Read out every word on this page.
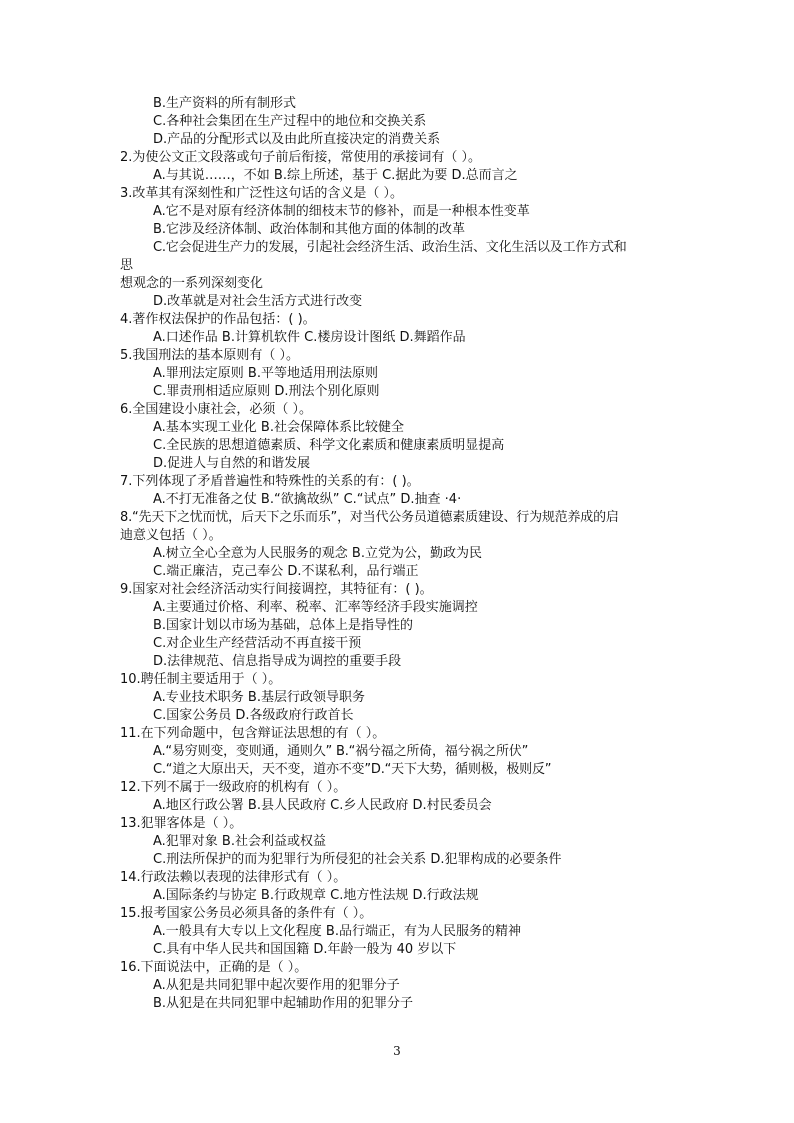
B.生产资料的所有制形式
C.各种社会集团在生产过程中的地位和交换关系
D.产品的分配形式以及由此所直接决定的消费关系
2.为使公文正文段落或句子前后衔接，常使用的承接词有（ ）。
A.与其说……，不如 B.综上所述，基于 C.据此为要 D.总而言之
3.改革其有深刻性和广泛性这句话的含义是（ ）。
A.它不是对原有经济体制的细枝末节的修补，而是一种根本性变革
B.它涉及经济体制、政治体制和其他方面的体制的改革
C.它会促进生产力的发展，引起社会经济生活、政治生活、文化生活以及工作方式和
思
想观念的一系列深刻变化
D.改革就是对社会生活方式进行改变
4.著作权法保护的作品包括：( )。
A.口述作品 B.计算机软件 C.楼房设计图纸 D.舞蹈作品
5.我国刑法的基本原则有（ ）。
A.罪刑法定原则 B.平等地适用刑法原则
C.罪责刑相适应原则 D.刑法个别化原则
6.全国建设小康社会，必须（ ）。
A.基本实现工业化 B.社会保障体系比较健全
C.全民族的思想道德素质、科学文化素质和健康素质明显提高
D.促进人与自然的和谐发展
7.下列体现了矛盾普遍性和特殊性的关系的有：( )。
A.不打无准备之仗 B.“欲擒故纵” C.“试点” D.抽查 ·4·
8.“先天下之忧而忧，后天下之乐而乐”，对当代公务员道德素质建设、行为规范养成的启
迪意义包括（ ）。
A.树立全心全意为人民服务的观念 B.立党为公，勤政为民
C.端正廉洁，克己奉公 D.不谋私利，品行端正
9.国家对社会经济活动实行间接调控，其特征有：( )。
A.主要通过价格、利率、税率、汇率等经济手段实施调控
B.国家计划以市场为基础，总体上是指导性的
C.对企业生产经营活动不再直接干预
D.法律规范、信息指导成为调控的重要手段
10.聘任制主要适用于（ ）。
A.专业技术职务 B.基层行政领导职务
C.国家公务员 D.各级政府行政首长
11.在下列命题中，包含辩证法思想的有（ ）。
A.“易穷则变，变则通，通则久” B.“祸兮福之所倚，福兮祸之所伏”
C.“道之大原出天，天不变，道亦不变”D.“天下大势，循则极，极则反”
12.下列不属于一级政府的机构有（ ）。
A.地区行政公署 B.县人民政府 C.乡人民政府 D.村民委员会
13.犯罪客体是（ ）。
A.犯罪对象 B.社会利益或权益
C.刑法所保护的而为犯罪行为所侵犯的社会关系 D.犯罪构成的必要条件
14.行政法赖以表现的法律形式有（ ）。
A.国际条约与协定 B.行政规章 C.地方性法规 D.行政法规
15.报考国家公务员必须具备的条件有（ ）。
A.一般具有大专以上文化程度 B.品行端正，有为人民服务的精神
C.具有中华人民共和国国籍 D.年龄一般为 40 岁以下
16.下面说法中，正确的是（ ）。
A.从犯是共同犯罪中起次要作用的犯罪分子
B.从犯是在共同犯罪中起辅助作用的犯罪分子
3
